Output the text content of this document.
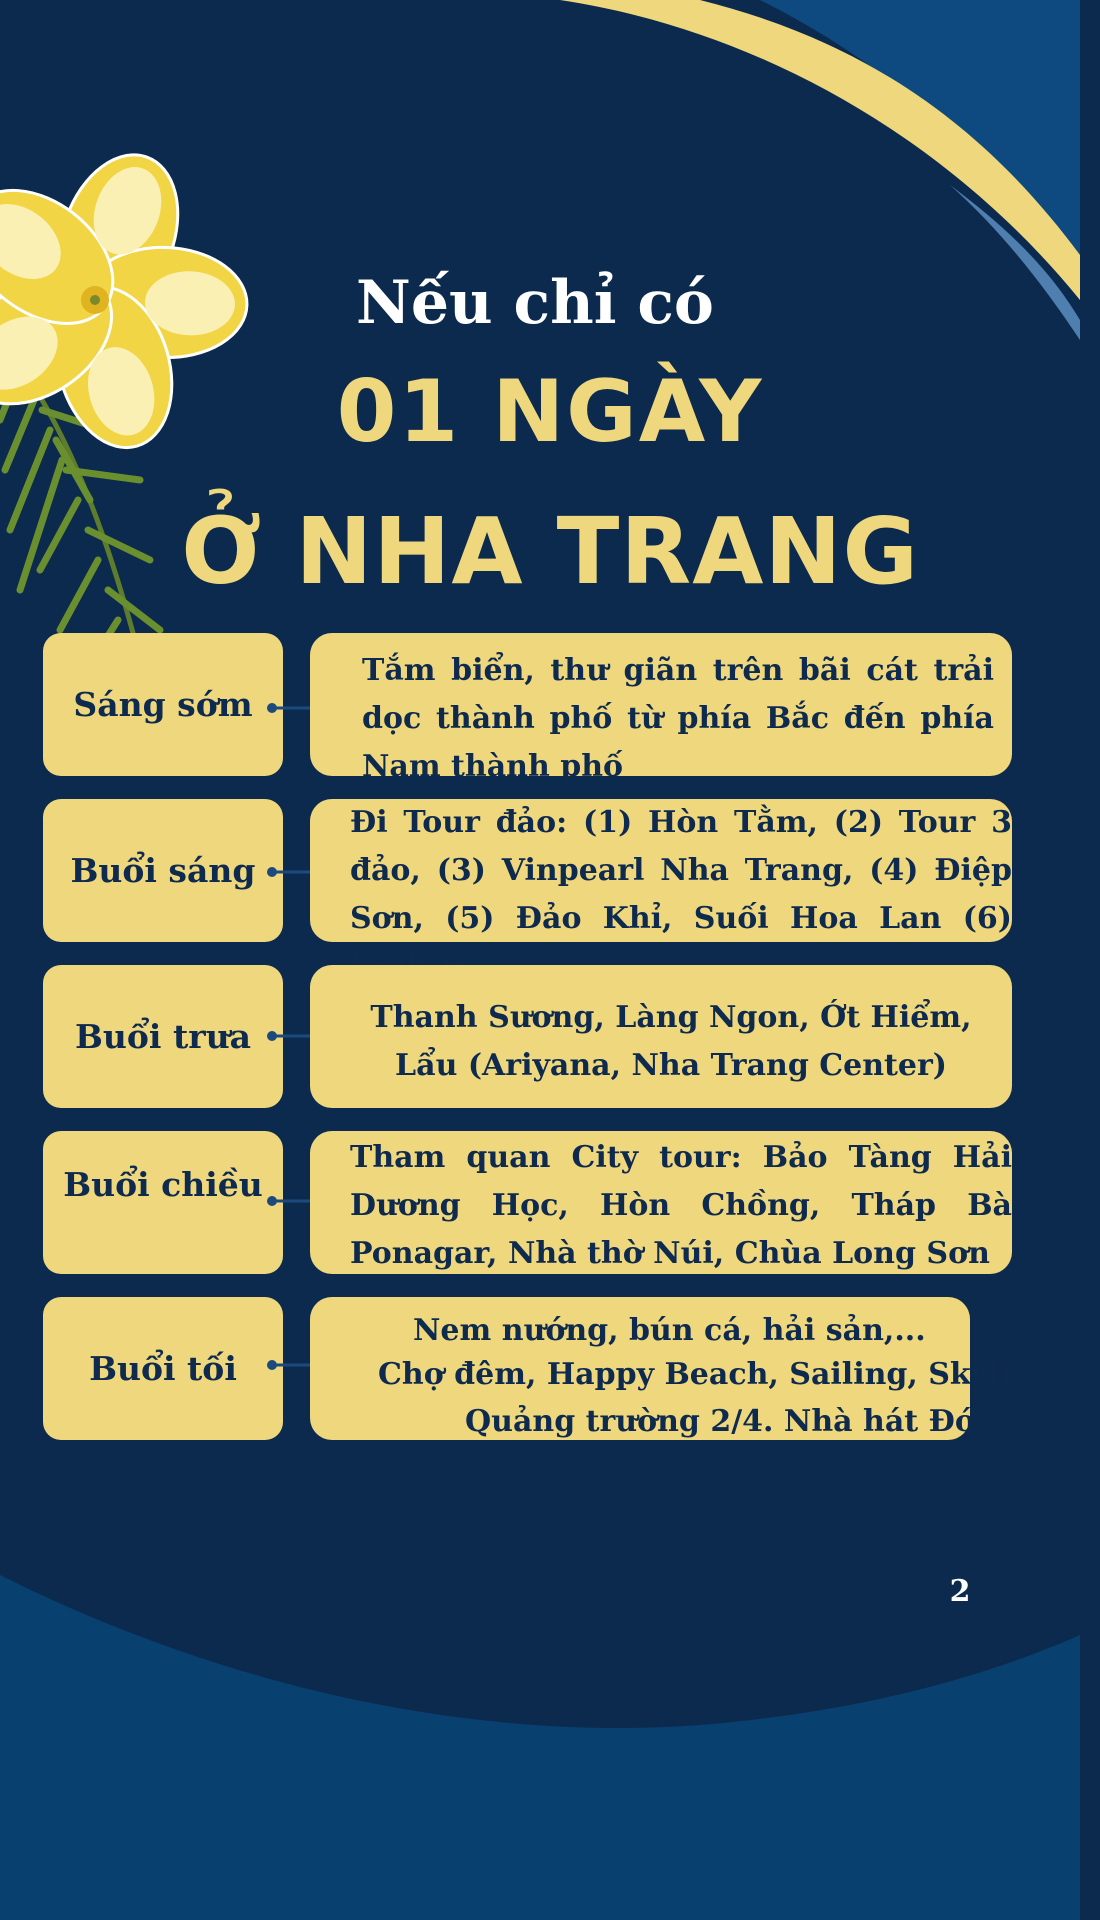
Nếu chỉ có
01 NGÀY
Ở NHA TRANG
Sáng sớm
Tắm biển, thư giãn trên bãi cát trải dọc thành phố từ phía Bắc đến phía Nam thành phố
Buổi sáng
Đi Tour đảo: (1) Hòn Tằm, (2) Tour 3 đảo, (3) Vinpearl Nha Trang, (4) Điệp Sơn, (5) Đảo Khỉ, Suối Hoa Lan (6)
Buổi trưa	Thanh Sương, Làng Ngon, Ớt Hiểm, Lẩu (Ariyana, Nha Trang Center)
Buổi chiều
Tham quan City tour: Bảo Tàng Hải Dương Học, Hòn Chồng, Tháp Bà Ponagar, Nhà thờ Núi, Chùa Long Sơn
Buổi tối
Nem nướng, bún cá, hải sản,...
Chợ đêm, Happy Beach, Sailing, Skyli
Quảng trường 2/4. Nhà hát Đó
2
